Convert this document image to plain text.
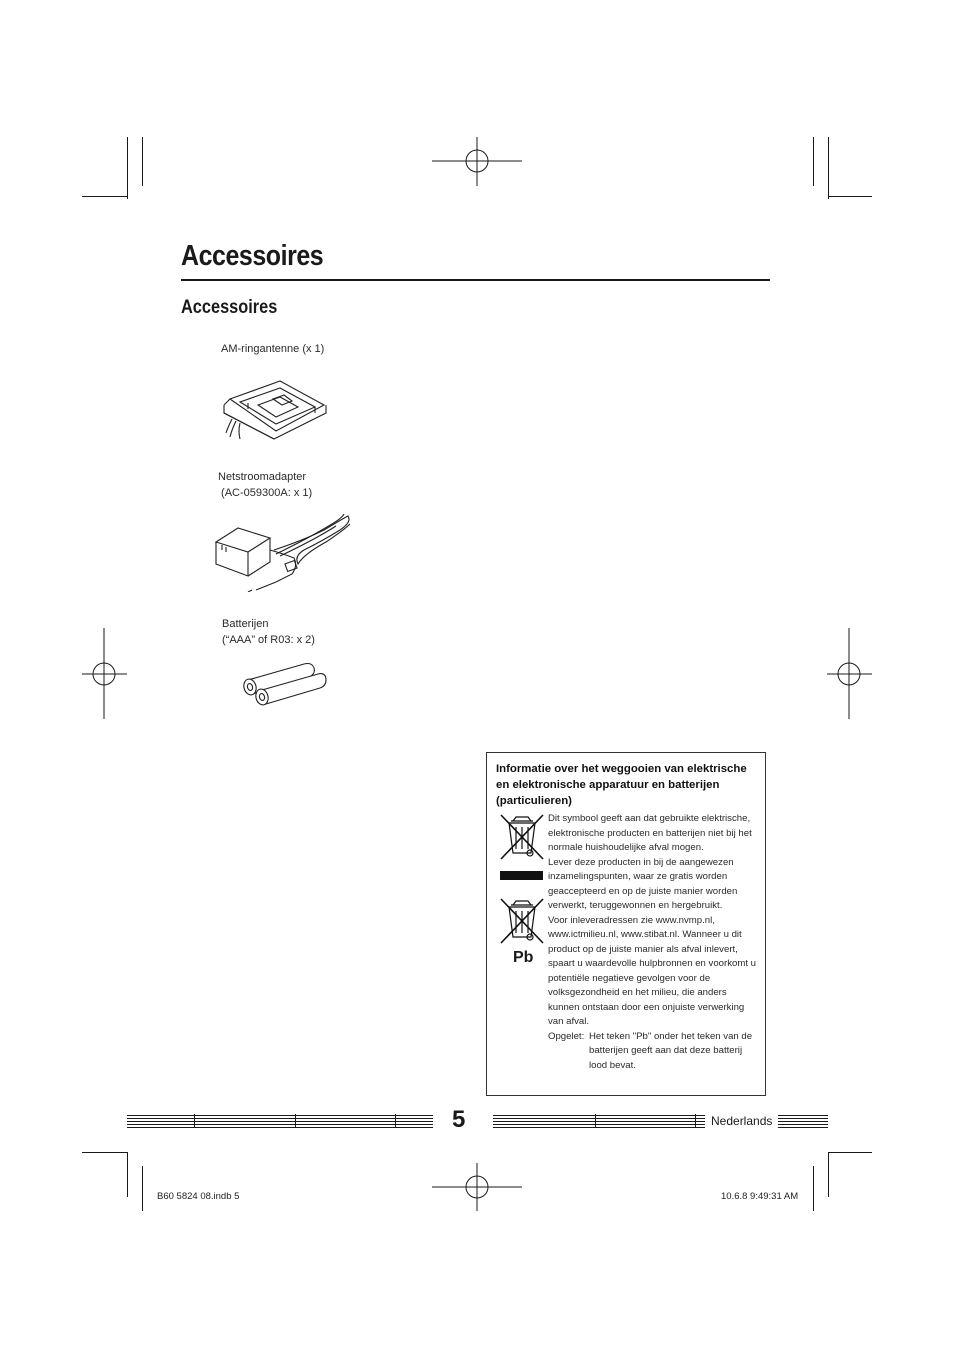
Accessoires
Accessoires
AM-ringantenne (x 1)
Netstroomadapter
(AC-059300A: x 1)
Batterijen
(“AAA” of R03: x 2)
Informatie over het weggooien van elektrische en elektronische apparatuur en batterijen (particulieren)
Pb

Dit symbool geeft aan dat gebruikte elektrische, elektronische producten en batterijen niet bij het normale huishoudelijke afval mogen.

Lever deze producten in bij de aangewezen inzamelingspunten, waar ze gratis worden geaccepteerd en op de juiste manier worden verwerkt, teruggewonnen en hergebruikt.

Voor inleveradressen zie www.nvmp.nl, www.ictmilieu.nl, www.stibat.nl. Wanneer u dit product op de juiste manier als afval inlevert, spaart u waardevolle hulpbronnen en voorkomt u potentiële negatieve gevolgen voor de volksgezondheid en het milieu, die anders kunnen ontstaan door een onjuiste verwerking van afval.

Opgelet: Het teken "Pb" onder het teken van de batterijen geeft aan dat deze batterij lood bevat.
5	Nederlands
B60 5824 08.indb 5	10.6.8 9:49:31 AM
